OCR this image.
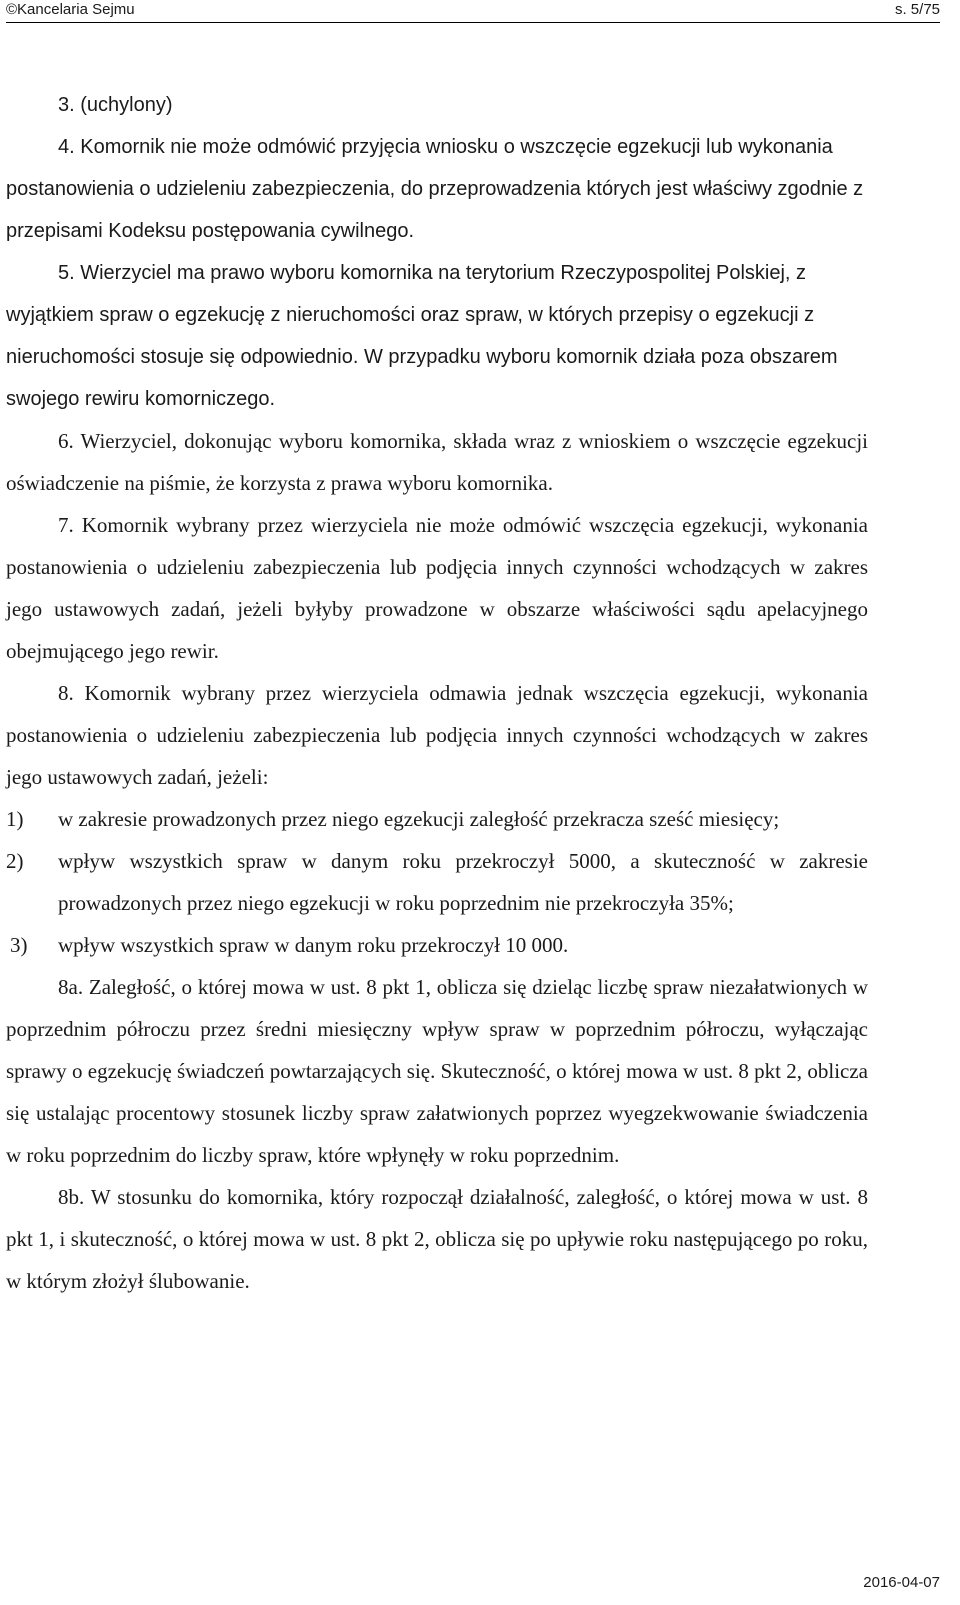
©Kancelaria Sejmu	s. 5/75

3. (uchylony)

4. Komornik nie może odmówić przyjęcia wniosku o wszczęcie egzekucji lub wykonania postanowienia o udzieleniu zabezpieczenia, do przeprowadzenia których jest właściwy zgodnie z przepisami Kodeksu postępowania cywilnego.

5. Wierzyciel ma prawo wyboru komornika na terytorium Rzeczypospolitej Polskiej, z wyjątkiem spraw o egzekucję z nieruchomości oraz spraw, w których przepisy o egzekucji z nieruchomości stosuje się odpowiednio. W przypadku wyboru komornik działa poza obszarem swojego rewiru komorniczego.

6. Wierzyciel, dokonując wyboru komornika, składa wraz z wnioskiem o wszczęcie egzekucji oświadczenie na piśmie, że korzysta z prawa wyboru komornika.

7. Komornik wybrany przez wierzyciela nie może odmówić wszczęcia egzekucji, wykonania postanowienia o udzieleniu zabezpieczenia lub podjęcia innych czynności wchodzących w zakres jego ustawowych zadań, jeżeli byłyby prowadzone w obszarze właściwości sądu apelacyjnego obejmującego jego rewir.

8. Komornik wybrany przez wierzyciela odmawia jednak wszczęcia egzekucji, wykonania postanowienia o udzieleniu zabezpieczenia lub podjęcia innych czynności wchodzących w zakres jego ustawowych zadań, jeżeli:

1) w zakresie prowadzonych przez niego egzekucji zaległość przekracza sześć miesięcy;
2) wpływ wszystkich spraw w danym roku przekroczył 5000, a skuteczność w zakresie prowadzonych przez niego egzekucji w roku poprzednim nie przekroczyła 35%;
3) wpływ wszystkich spraw w danym roku przekroczył 10 000.

8a. Zaległość, o której mowa w ust. 8 pkt 1, oblicza się dzieląc liczbę spraw niezałatwionych w poprzednim półroczu przez średni miesięczny wpływ spraw w poprzednim półroczu, wyłączając sprawy o egzekucję świadczeń powtarzających się. Skuteczność, o której mowa w ust. 8 pkt 2, oblicza się ustalając procentowy stosunek liczby spraw załatwionych poprzez wyegzekwowanie świadczenia w roku poprzednim do liczby spraw, które wpłynęły w roku poprzednim.

8b. W stosunku do komornika, który rozpoczął działalność, zaległość, o której mowa w ust. 8 pkt 1, i skuteczność, o której mowa w ust. 8 pkt 2, oblicza się po upływie roku następującego po roku, w którym złożył ślubowanie.

2016-04-07
